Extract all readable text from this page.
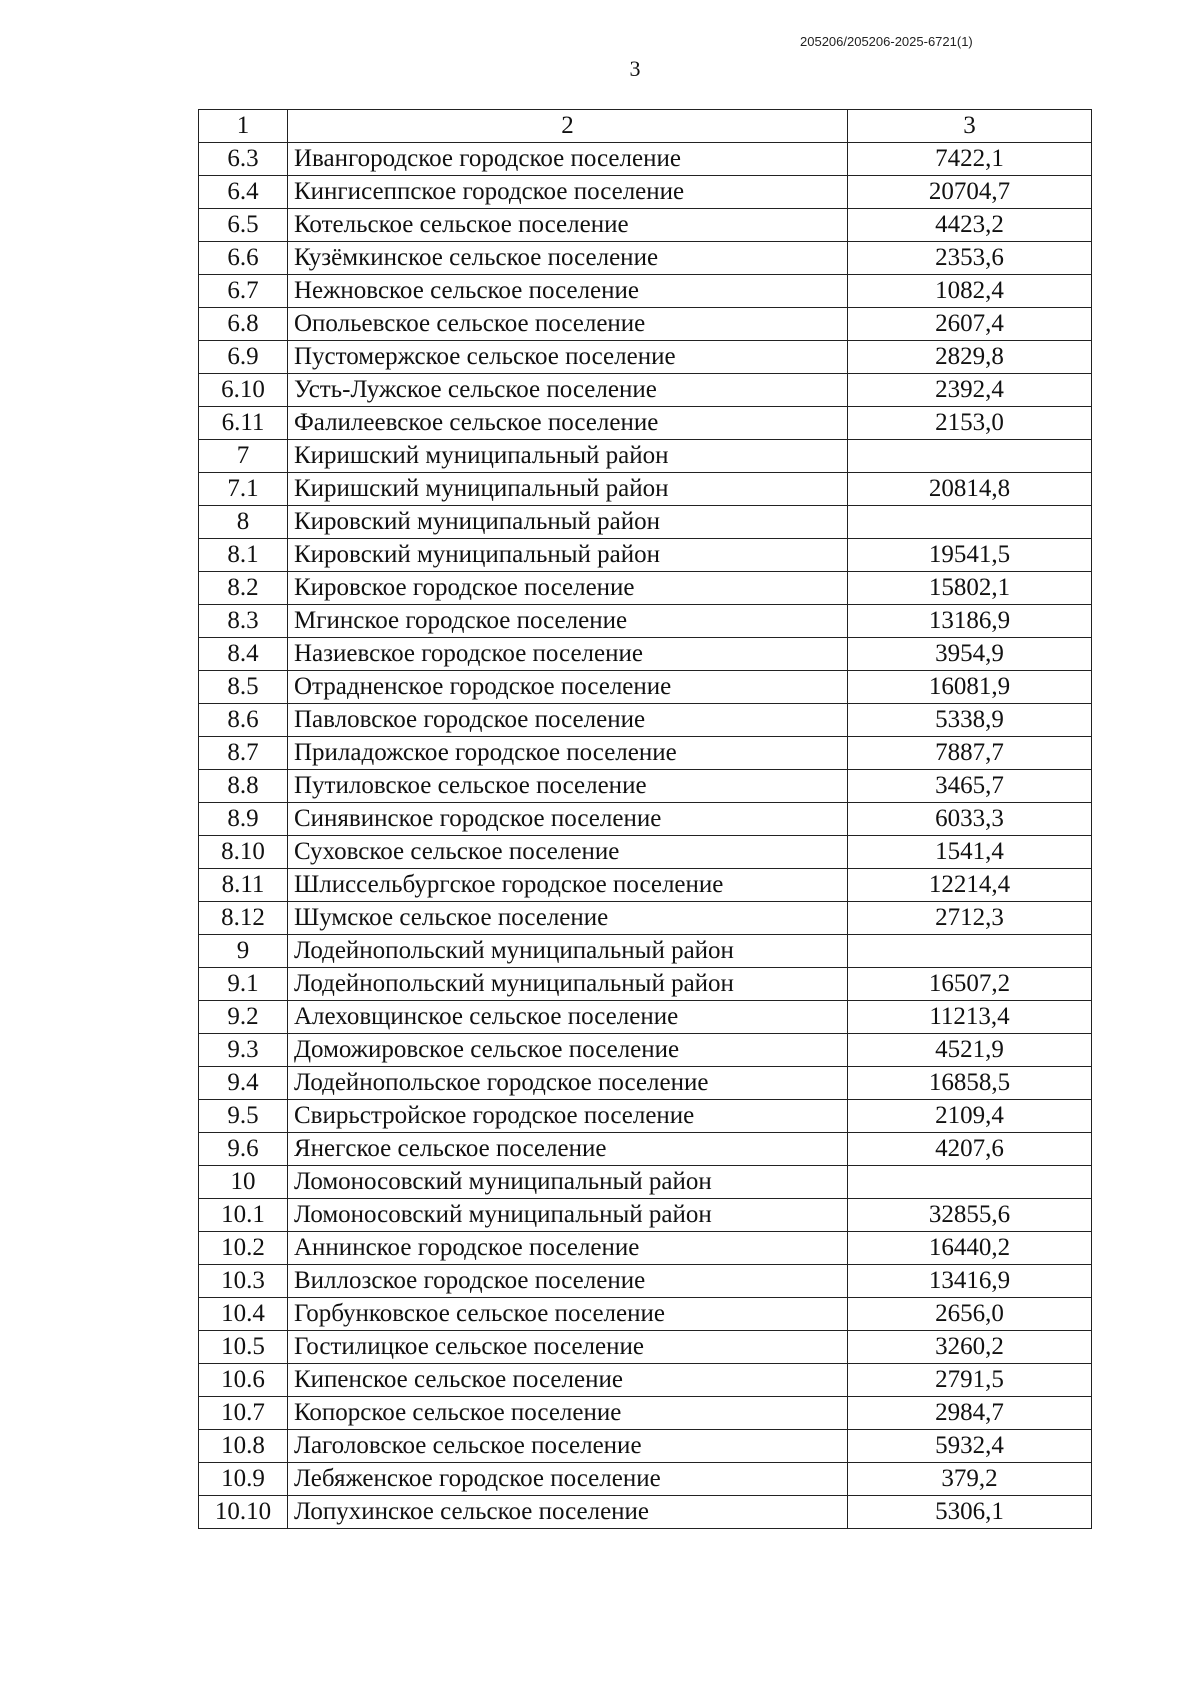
205206/205206-2025-6721(1)
3
1	2	3
6.3	Ивангородское городское поселение	7422,1
6.4	Кингисеппское городское поселение	20704,7
6.5	Котельское сельское поселение	4423,2
6.6	Кузёмкинское сельское поселение	2353,6
6.7	Нежновское сельское поселение	1082,4
6.8	Опольевское сельское поселение	2607,4
6.9	Пустомержское сельское поселение	2829,8
6.10	Усть-Лужское сельское поселение	2392,4
6.11	Фалилеевское сельское поселение	2153,0
7	Киришский муниципальный район	
7.1	Киришский муниципальный район	20814,8
8	Кировский муниципальный район	
8.1	Кировский муниципальный район	19541,5
8.2	Кировское городское поселение	15802,1
8.3	Мгинское городское поселение	13186,9
8.4	Назиевское городское поселение	3954,9
8.5	Отрадненское городское поселение	16081,9
8.6	Павловское городское поселение	5338,9
8.7	Приладожское городское поселение	7887,7
8.8	Путиловское сельское поселение	3465,7
8.9	Синявинское городское поселение	6033,3
8.10	Суховское сельское поселение	1541,4
8.11	Шлиссельбургское городское поселение	12214,4
8.12	Шумское сельское поселение	2712,3
9	Лодейнопольский муниципальный район	
9.1	Лодейнопольский муниципальный район	16507,2
9.2	Алеховщинское сельское поселение	11213,4
9.3	Доможировское сельское поселение	4521,9
9.4	Лодейнопольское городское поселение	16858,5
9.5	Свирьстройское городское поселение	2109,4
9.6	Янегское сельское поселение	4207,6
10	Ломоносовский муниципальный район	
10.1	Ломоносовский муниципальный район	32855,6
10.2	Аннинское городское поселение	16440,2
10.3	Виллозское городское поселение	13416,9
10.4	Горбунковское сельское поселение	2656,0
10.5	Гостилицкое сельское поселение	3260,2
10.6	Кипенское сельское поселение	2791,5
10.7	Копорское сельское поселение	2984,7
10.8	Лаголовское сельское поселение	5932,4
10.9	Лебяженское городское поселение	379,2
10.10	Лопухинское сельское поселение	5306,1
